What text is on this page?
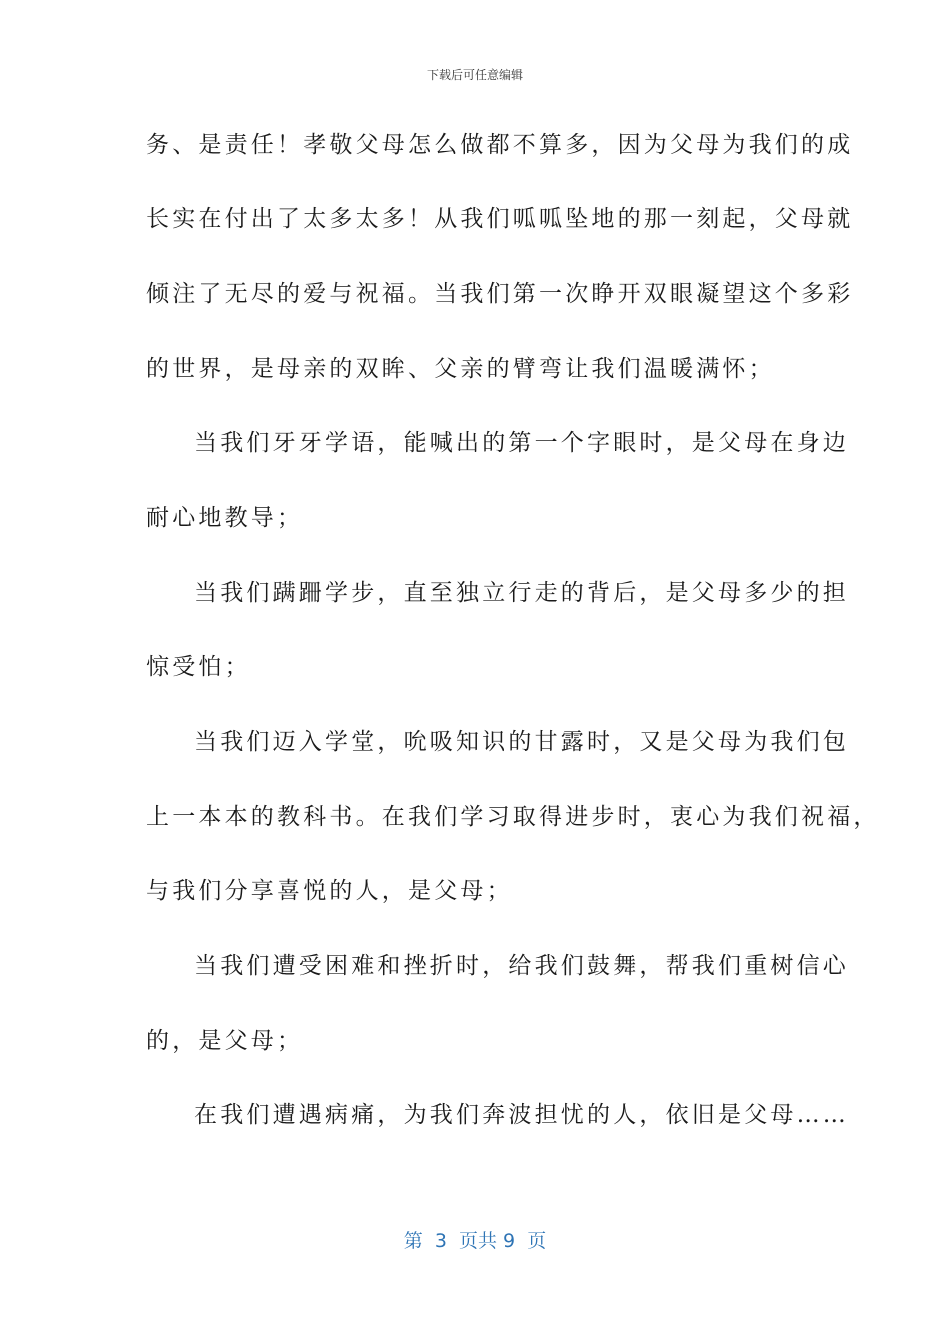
下载后可任意编辑
务、是责任！孝敬父母怎么做都不算多，因为父母为我们的成
长实在付出了太多太多！从我们呱呱坠地的那一刻起，父母就
倾注了无尽的爱与祝福。当我们第一次睁开双眼凝望这个多彩
的世界，是母亲的双眸、父亲的臂弯让我们温暖满怀；
当我们牙牙学语，能喊出的第一个字眼时，是父母在身边
耐心地教导；
当我们蹒跚学步，直至独立行走的背后，是父母多少的担
惊受怕；
当我们迈入学堂，吮吸知识的甘露时，又是父母为我们包
上一本本的教科书。在我们学习取得进步时，衷心为我们祝福，
与我们分享喜悦的人，是父母；
当我们遭受困难和挫折时，给我们鼓舞，帮我们重树信心
的，是父母；
在我们遭遇病痛，为我们奔波担忧的人，依旧是父母……
第  3  页共 9  页
